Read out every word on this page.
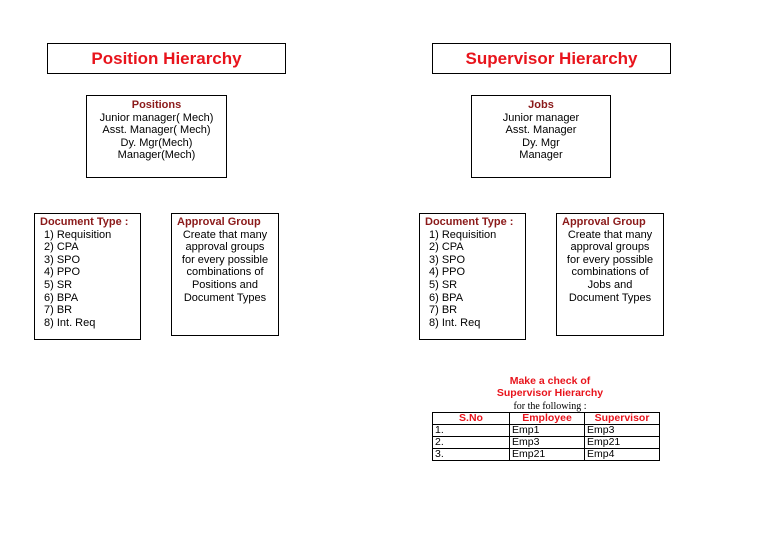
Position Hierarchy
Positions
Junior manager( Mech)
Asst. Manager( Mech)
Dy. Mgr(Mech)
Manager(Mech)
Document Type :
1) Requisition
2) CPA
3) SPO
4) PPO
5) SR
6) BPA
7) BR
8) Int. Req
Approval Group
Create that many
approval groups
for every possible
combinations of
Positions and
Document Types
Supervisor Hierarchy
Jobs
Junior manager
Asst. Manager
Dy. Mgr
Manager
Document Type :
1) Requisition
2) CPA
3) SPO
4) PPO
5) SR
6) BPA
7) BR
8) Int. Req
Approval Group
Create that many
approval groups
for every possible
combinations of
Jobs and
Document Types
Make a check of
Supervisor Hierarchy
for the following :
S.No	Employee	Supervisor
1.	Emp1	Emp3
2.	Emp3	Emp21
3.	Emp21	Emp4
